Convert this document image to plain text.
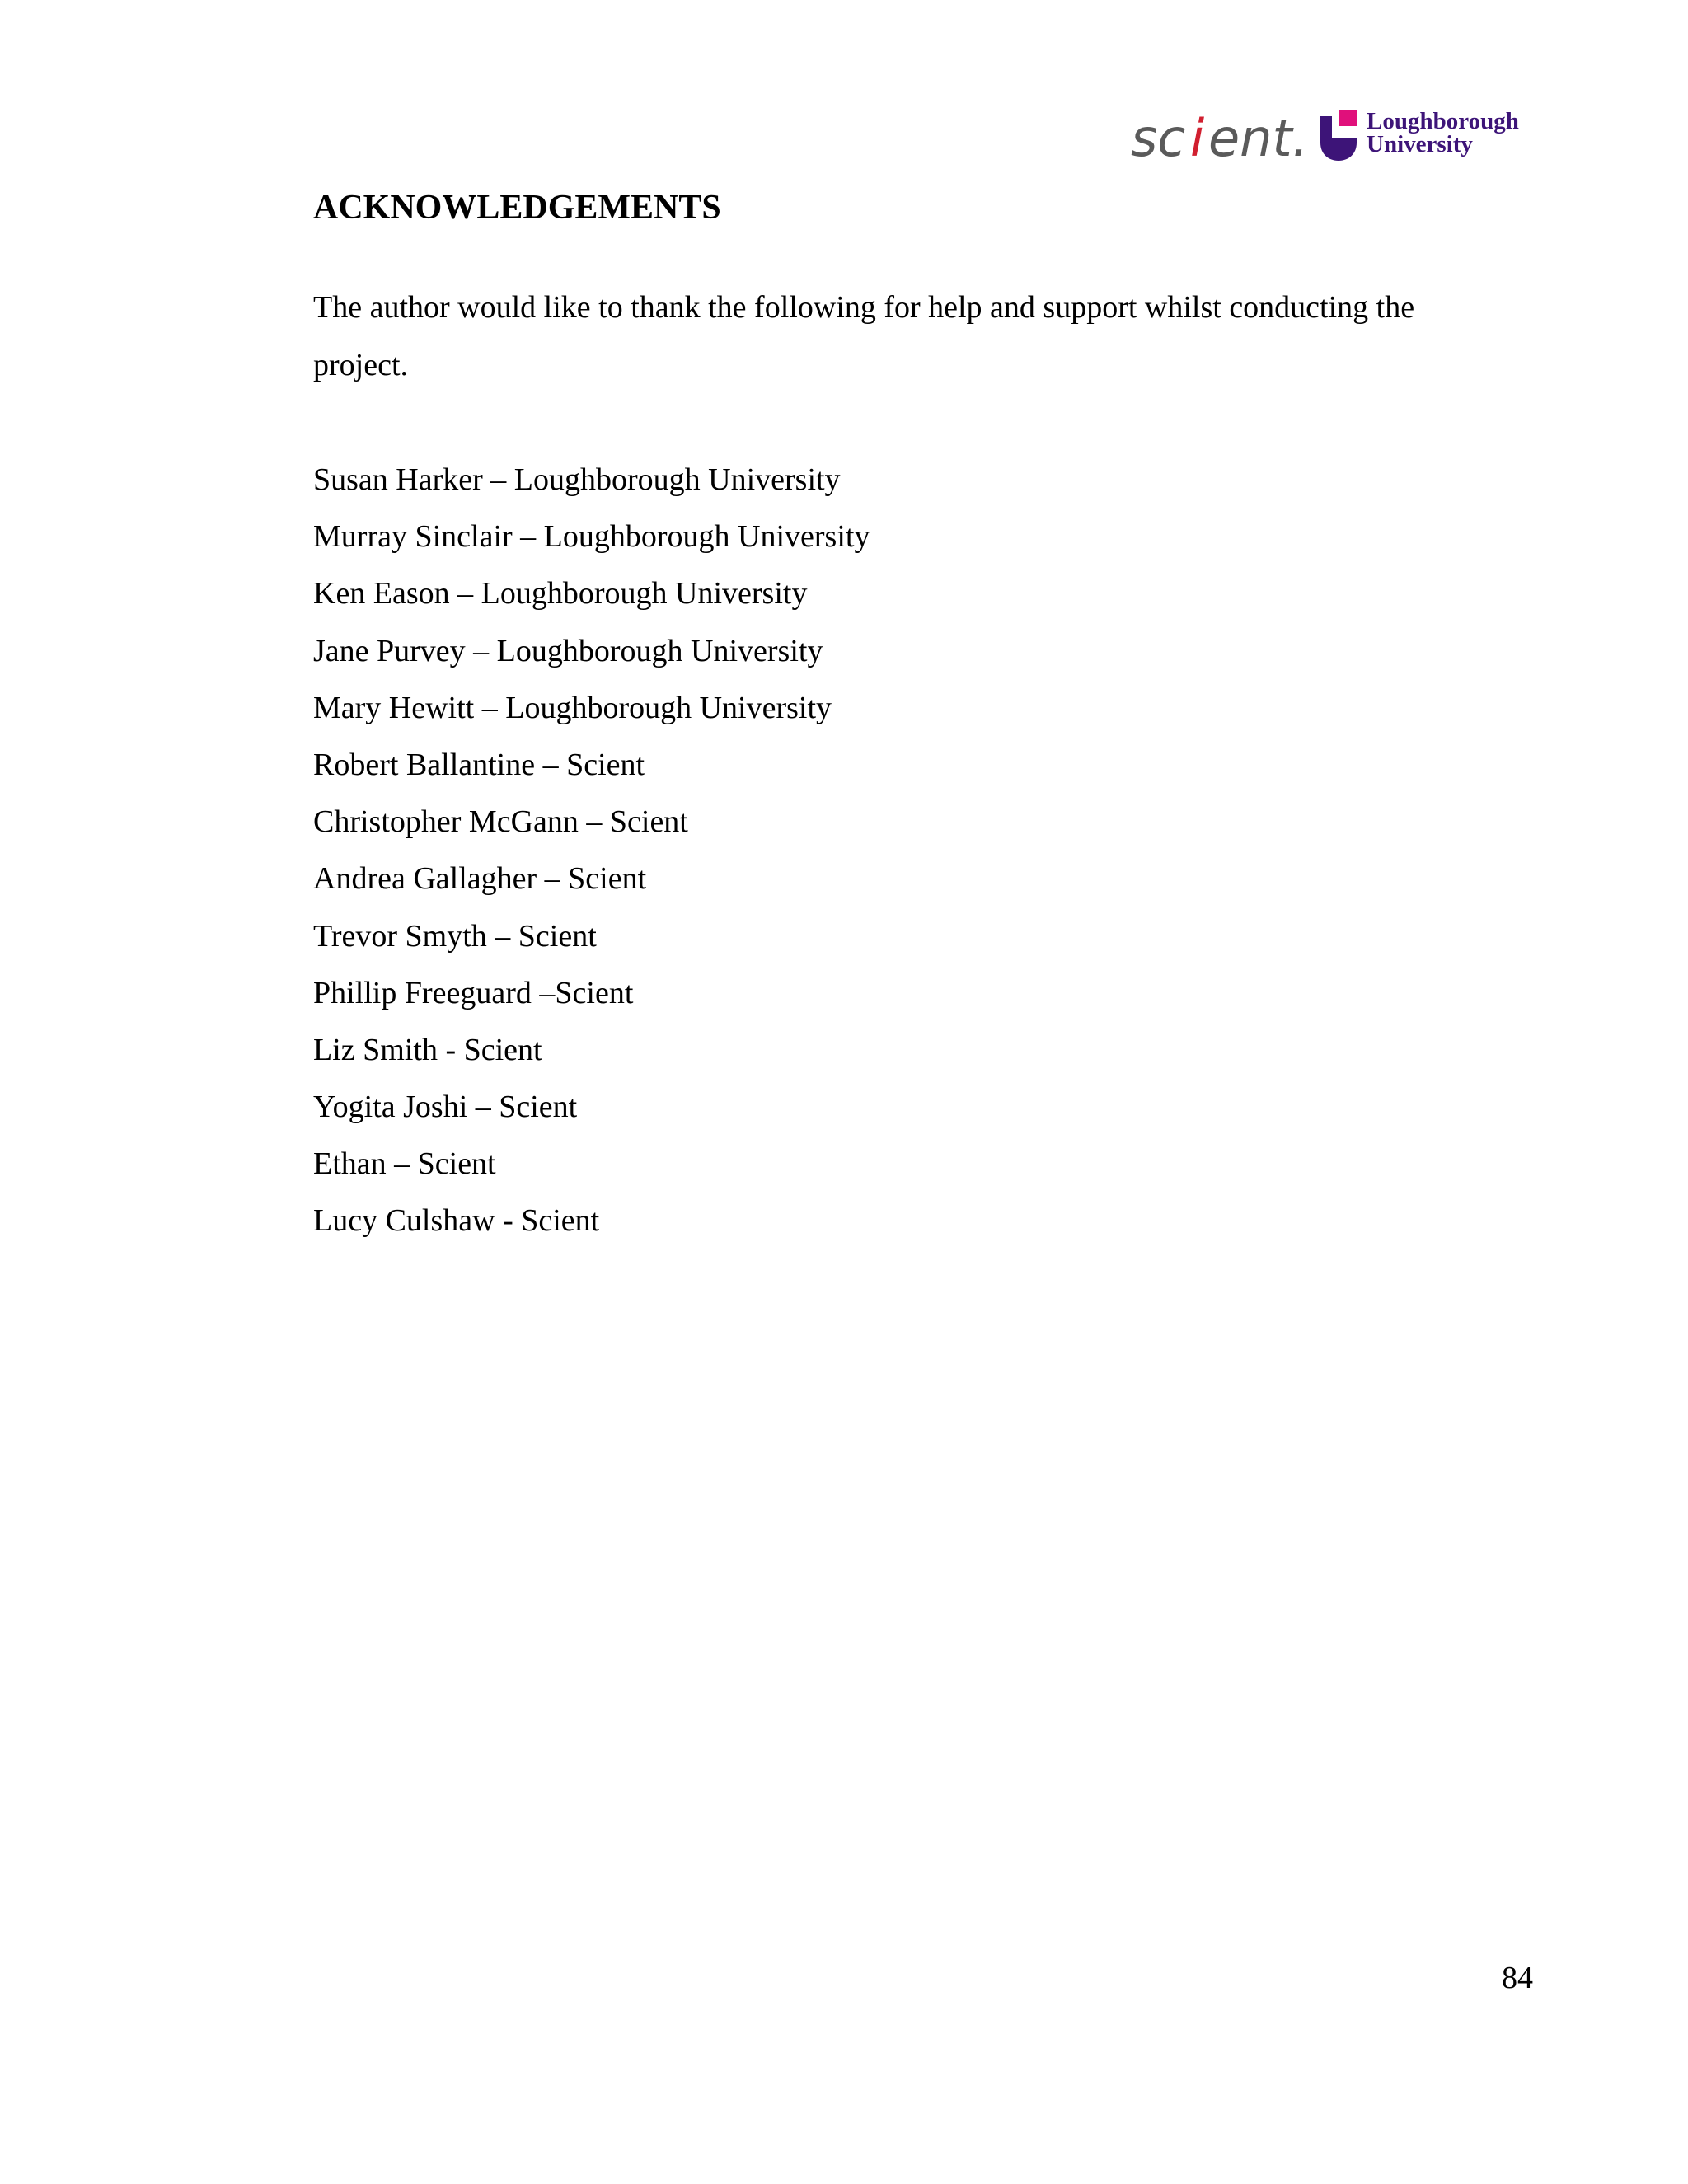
sc i ent. Loughborough
University
ACKNOWLEDGEMENTS

The author would like to thank the following for help and support whilst conducting the project.

Susan Harker – Loughborough University
Murray Sinclair – Loughborough University
Ken Eason – Loughborough University
Jane Purvey – Loughborough University
Mary Hewitt – Loughborough University
Robert Ballantine – Scient
Christopher McGann – Scient
Andrea Gallagher – Scient
Trevor Smyth – Scient
Phillip Freeguard –Scient
Liz Smith - Scient
Yogita Joshi – Scient
Ethan – Scient
Lucy Culshaw - Scient
84
